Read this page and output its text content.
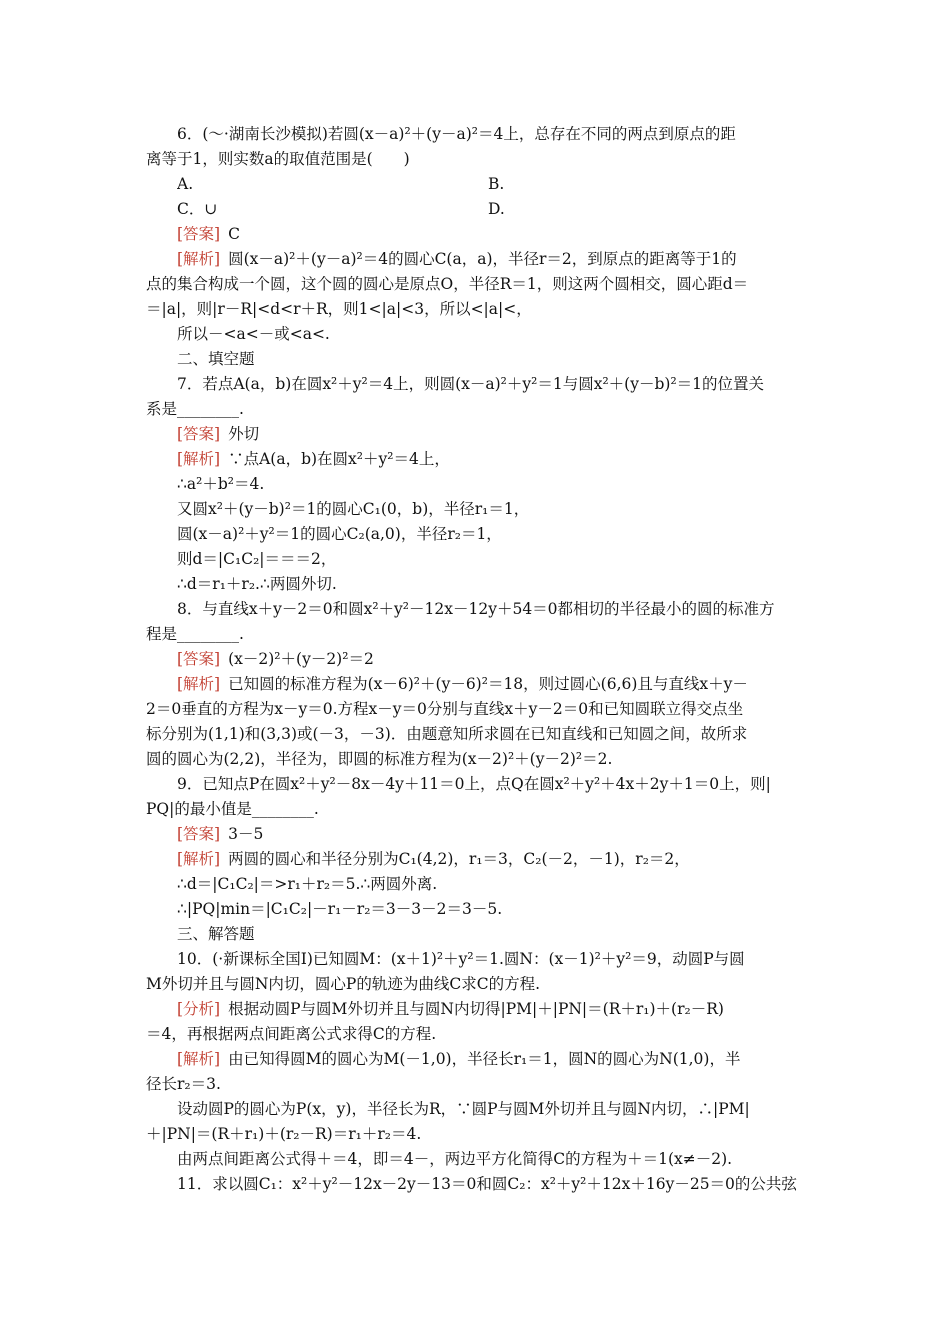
6．(～·湖南长沙模拟)若圆(x－a)²＋(y－a)²＝4上，总存在不同的两点到原点的距
离等于1，则实数a的取值范围是(　　)
A.	B.
C．∪	D.
[答案] C
[解析] 圆(x－a)²＋(y－a)²＝4的圆心C(a，a)，半径r＝2，到原点的距离等于1的
点的集合构成一个圆，这个圆的圆心是原点O，半径R＝1，则这两个圆相交，圆心距d＝
＝|a|，则|r－R|<d<r＋R，则1<|a|<3，所以<|a|<，
所以－<a<－或<a<.
二、填空题
7．若点A(a，b)在圆x²＋y²＝4上，则圆(x－a)²＋y²＝1与圆x²＋(y－b)²＝1的位置关
系是________.
[答案] 外切
[解析] ∵点A(a，b)在圆x²＋y²＝4上，
∴a²＋b²＝4.
又圆x²＋(y－b)²＝1的圆心C₁(0，b)，半径r₁＝1，
圆(x－a)²＋y²＝1的圆心C₂(a,0)，半径r₂＝1，
则d＝|C₁C₂|＝＝＝2，
∴d＝r₁＋r₂.∴两圆外切.
8．与直线x＋y－2＝0和圆x²＋y²－12x－12y＋54＝0都相切的半径最小的圆的标准方
程是________.
[答案] (x－2)²＋(y－2)²＝2
[解析] 已知圆的标准方程为(x－6)²＋(y－6)²＝18，则过圆心(6,6)且与直线x＋y－
2＝0垂直的方程为x－y＝0.方程x－y＝0分别与直线x＋y－2＝0和已知圆联立得交点坐
标分别为(1,1)和(3,3)或(－3，－3)．由题意知所求圆在已知直线和已知圆之间，故所求
圆的圆心为(2,2)，半径为，即圆的标准方程为(x－2)²＋(y－2)²＝2.
9．已知点P在圆x²＋y²－8x－4y＋11＝0上，点Q在圆x²＋y²＋4x＋2y＋1＝0上，则|
PQ|的最小值是________.
[答案] 3－5
[解析] 两圆的圆心和半径分别为C₁(4,2)，r₁＝3，C₂(－2，－1)，r₂＝2，
∴d＝|C₁C₂|＝>r₁＋r₂＝5.∴两圆外离.
∴|PQ|min＝|C₁C₂|－r₁－r₂＝3－3－2＝3－5.
三、解答题
10．(·新课标全国Ⅰ)已知圆M：(x＋1)²＋y²＝1.圆N：(x－1)²＋y²＝9，动圆P与圆
M外切并且与圆N内切，圆心P的轨迹为曲线C求C的方程.
[分析] 根据动圆P与圆M外切并且与圆N内切得|PM|＋|PN|＝(R＋r₁)＋(r₂－R)
＝4，再根据两点间距离公式求得C的方程.
[解析] 由已知得圆M的圆心为M(－1,0)，半径长r₁＝1，圆N的圆心为N(1,0)，半
径长r₂＝3.
设动圆P的圆心为P(x，y)，半径长为R，∵圆P与圆M外切并且与圆N内切，∴|PM|
＋|PN|＝(R＋r₁)＋(r₂－R)＝r₁＋r₂＝4.
由两点间距离公式得＋＝4，即＝4－，两边平方化简得C的方程为＋＝1(x≠－2).
11．求以圆C₁：x²＋y²－12x－2y－13＝0和圆C₂：x²＋y²＋12x＋16y－25＝0的公共弦
